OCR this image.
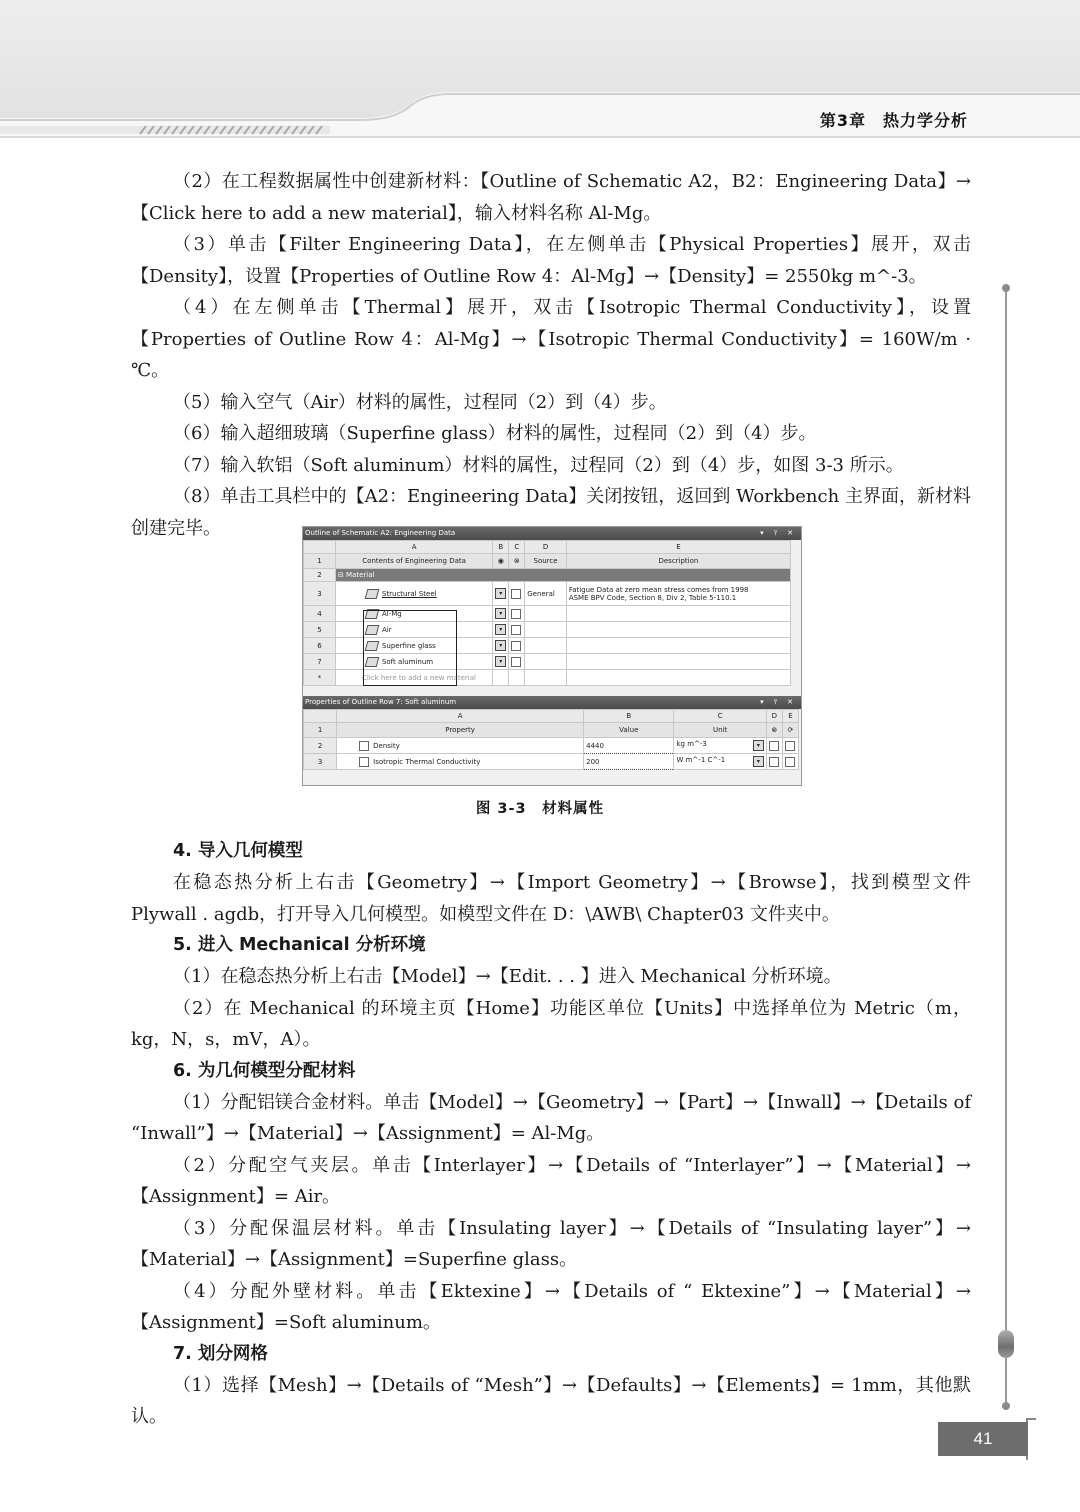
第3章　热力学分析
41

（2）在工程数据属性中创建新材料：【Outline of Schematic A2，B2：Engineering Data】→【Click here to add a new material】，输入材料名称 Al-Mg。

（3）单击【Filter Engineering Data】，在左侧单击【Physical Properties】展开，双击【Density】，设置【Properties of Outline Row 4：Al-Mg】→【Density】= 2550kg m^-3。

（4）在左侧单击【Thermal】展开，双击【Isotropic Thermal Conductivity】，设置【Properties of Outline Row 4：Al-Mg】→【Isotropic Thermal Conductivity】= 160W/m · ℃。

（5）输入空气（Air）材料的属性，过程同（2）到（4）步。

（6）输入超细玻璃（Superfine glass）材料的属性，过程同（2）到（4）步。

（7）输入软铝（Soft aluminum）材料的属性，过程同（2）到（4）步，如图 3-3 所示。

（8）单击工具栏中的【A2：Engineering Data】关闭按钮，返回到 Workbench 主界面，新材料创建完毕。	Outline of Schematic A2: Engineering Data	▾ ⫯ ✕
	A	B	C	D	E
1	Contents of Engineering Data	◉	⊗	Source	Description
2	⊟ Material				
3	Structural Steel	▾		General	Fatigue Data at zero mean stress comes from 1998
ASME BPV Code, Section 8, Div 2, Table 5-110.1

4	Al-Mg	▾			
5	Air	▾			
6	Superfine glass	▾			
7	Soft aluminum	▾			
*	Click here to add a new material				
Properties of Outline Row 7: Soft aluminum	▾ ⫯ ✕
	A	B	C	D	E
1	Property	Value	Unit	⊗	⟳
2	Density	4440	kg m^-3 ▾		

3	Isotropic Thermal Conductivity	200	W m^-1 C^-1 ▾		

图 3-3　材料属性

4. 导入几何模型

在稳态热分析上右击【Geometry】→【Import Geometry】→【Browse】，找到模型文件 Plywall . agdb，打开导入几何模型。如模型文件在 D：\AWB\ Chapter03 文件夹中。

5. 进入 Mechanical 分析环境

（1）在稳态热分析上右击【Model】→【Edit. . . 】进入 Mechanical 分析环境。

（2）在 Mechanical 的环境主页【Home】功能区单位【Units】中选择单位为 Metric（m，kg，N，s，mV，A）。

6. 为几何模型分配材料

（1）分配铝镁合金材料。单击【Model】→【Geometry】→【Part】→【Inwall】→【Details of “Inwall”】→【Material】→【Assignment】= Al-Mg。

（2）分配空气夹层。单击【Interlayer】→【Details of “Interlayer”】→【Material】→【Assignment】= Air。

（3）分配保温层材料。单击【Insulating layer】→【Details of “Insulating layer”】→【Material】→【Assignment】=Superfine glass。

（4）分配外壁材料。单击【Ektexine】→【Details of “ Ektexine”】→【Material】→【Assignment】=Soft aluminum。

7. 划分网格

（1）选择【Mesh】→【Details of “Mesh”】→【Defaults】→【Elements】= 1mm，其他默认。
